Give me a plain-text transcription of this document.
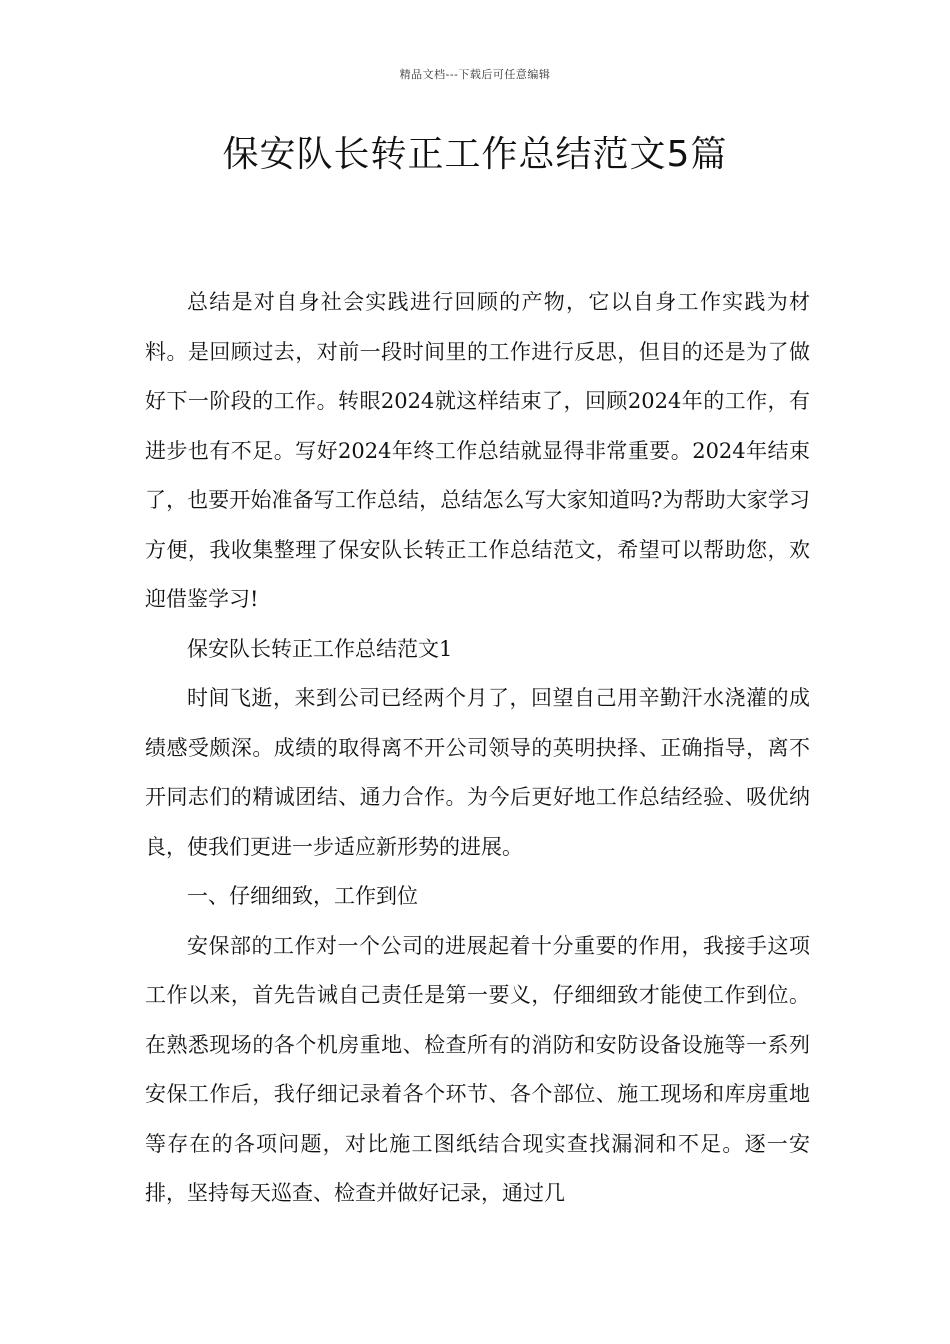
精品文档---下载后可任意编辑
保安队长转正工作总结范文5篇

总结是对自身社会实践进行回顾的产物，它以自身工作实践为材料。是回顾过去，对前一段时间里的工作进行反思，但目的还是为了做好下一阶段的工作。转眼2024就这样结束了，回顾2024年的工作，有进步也有不足。写好2024年终工作总结就显得非常重要。2024年结束了，也要开始准备写工作总结，总结怎么写大家知道吗?为帮助大家学习方便，我收集整理了保安队长转正工作总结范文，希望可以帮助您，欢迎借鉴学习!

保安队长转正工作总结范文1

时间飞逝，来到公司已经两个月了，回望自己用辛勤汗水浇灌的成绩感受颇深。成绩的取得离不开公司领导的英明抉择、正确指导，离不开同志们的精诚团结、通力合作。为今后更好地工作总结经验、吸优纳良，使我们更进一步适应新形势的进展。

一、仔细细致，工作到位

安保部的工作对一个公司的进展起着十分重要的作用，我接手这项工作以来，首先告诫自己责任是第一要义，仔细细致才能使工作到位。在熟悉现场的各个机房重地、检查所有的消防和安防设备设施等一系列安保工作后，我仔细记录着各个环节、各个部位、施工现场和库房重地等存在的各项问题，对比施工图纸结合现实查找漏洞和不足。逐一安排，坚持每天巡查、检查并做好记录，通过几
